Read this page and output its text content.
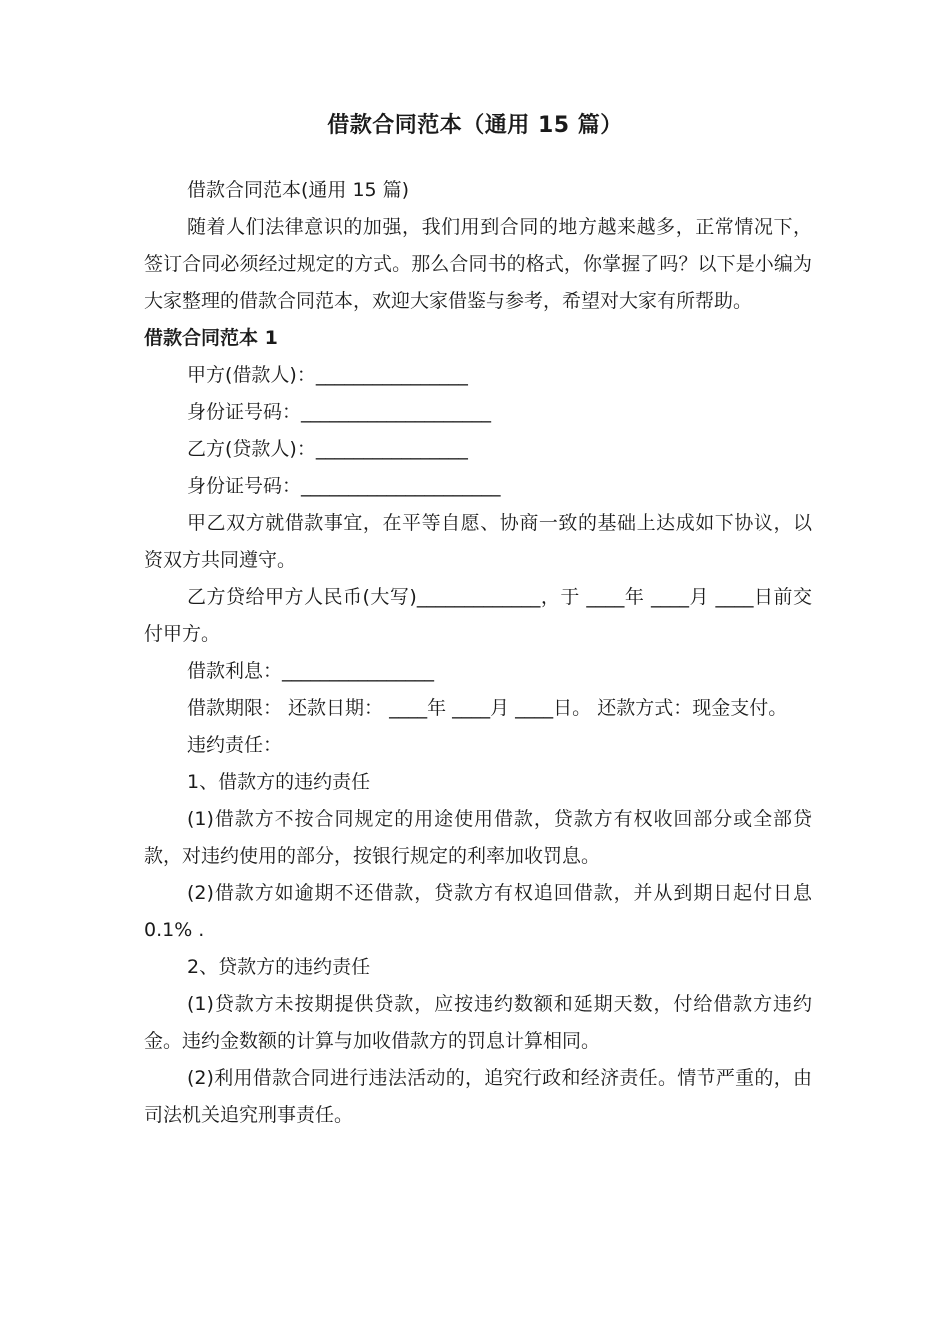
借款合同范本（通用 15 篇）

借款合同范本(通用 15 篇)

随着人们法律意识的加强，我们用到合同的地方越来越多，正常情况下，签订合同必须经过规定的方式。那么合同书的格式，你掌握了吗？以下是小编为大家整理的借款合同范本，欢迎大家借鉴与参考，希望对大家有所帮助。

借款合同范本 1

甲方(借款人)：________________

身份证号码：____________________

乙方(贷款人)：________________

身份证号码：_____________________

甲乙双方就借款事宜，在平等自愿、协商一致的基础上达成如下协议，以资双方共同遵守。

乙方贷给甲方人民币(大写)_____________，于 ____年 ____月 ____日前交付甲方。

借款利息：________________

借款期限： 还款日期： ____年 ____月 ____日。 还款方式：现金支付。

违约责任：

1、借款方的违约责任

(1)借款方不按合同规定的用途使用借款，贷款方有权收回部分或全部贷款，对违约使用的部分，按银行规定的利率加收罚息。

(2)借款方如逾期不还借款，贷款方有权追回借款，并从到期日起付日息 0.1% .

2、贷款方的违约责任

(1)贷款方未按期提供贷款，应按违约数额和延期天数，付给借款方违约金。违约金数额的计算与加收借款方的罚息计算相同。

(2)利用借款合同进行违法活动的，追究行政和经济责任。情节严重的，由司法机关追究刑事责任。
